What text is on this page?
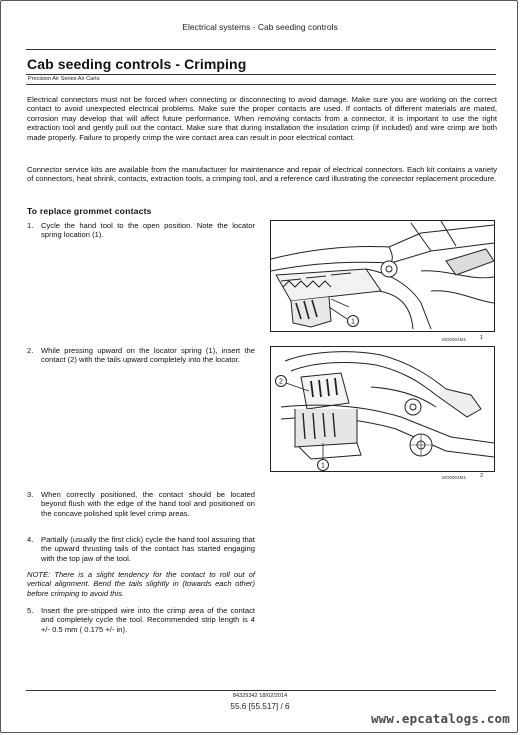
Electrical systems - Cab seeding controls
Cab seeding controls - Crimping
Precision Air Series Air Carts

Electrical connectors must not be forced when connecting or disconnecting to avoid damage. Make sure you are working on the correct contact to avoid unexpected electrical problems. Make sure the proper contacts are used. If contacts of different materials are mated, corrosion may develop that will affect future performance. When removing contacts from a connector, it is important to use the right extraction tool and gently pull out the contact. Make sure that during installation the insulation crimp (if included) and wire crimp are both made properly. Failure to properly crimp the wire contact area can result in poor electrical contact.

Connector service kits are available from the manufacturer for maintenance and repair of electrical connectors. Each kit contains a variety of connectors, heat shrink, contacts, extraction tools, a crimping tool, and a reference card illustrating the connector replacement procedure.

To replace grommet contacts
1.	Cycle the hand tool to the open position. Note the locator spring location (1).
2.	While pressing upward on the locator spring (1), insert the contact (2) with the tails upward completely into the locator.
3.	When correctly positioned, the contact should be located beyond flush with the edge of the hand tool and positioned on the concave polished split level crimp areas.
4.	Partially (usually the first click) cycle the hand tool assuring that the upward thrusting tails of the contact has started engaging with the top jaw of the tool.
NOTE: There is a slight tendency for the contact to roll out of vertical alignment. Bend the tails slightly in (towards each other) before crimping to avoid this.
5.	Insert the pre-stripped wire into the crimp area of the contact and completely cycle the tool. Recommended strip length is 4 +/- 0.5 mm ( 0.175 +/- in).
1
MO0004M1 1
2
1
MO0004M1 2
84329342 18/02/2014
55.6 [55.517] / 6
www.epcatalogs.com
